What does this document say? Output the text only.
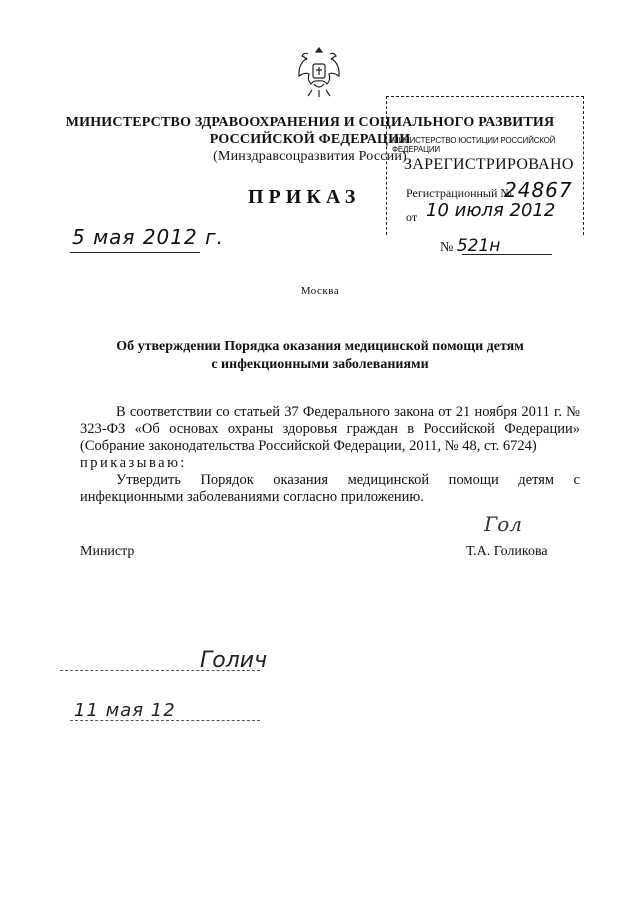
МИНИСТЕРСТВО ЗДРАВООХРАНЕНИЯ И СОЦИАЛЬНОГО РАЗВИТИЯ
РОССИЙСКОЙ ФЕДЕРАЦИИ
(Минздравсоцразвития России)
МИНИСТЕРСТВО ЮСТИЦИИ РОССИЙСКОЙ ФЕДЕРАЦИИ
ЗАРЕГИСТРИРОВАНО
Регистрационный №
24867
от 10 июля 2012
ПРИКАЗ
5 мая 2012 г.	№ 521н
Москва
Об утверждении Порядка оказания медицинской помощи детям
с инфекционными заболеваниями

В соответствии со статьей 37 Федерального закона от 21 ноября 2011 г. № 323-ФЗ «Об основах охраны здоровья граждан в Российской Федерации» (Собрание законодательства Российской Федерации, 2011, № 48, ст. 6724)

приказываю:

Утвердить Порядок оказания медицинской помощи детям с инфекционными заболеваниями согласно приложению.

Министр
Гол
Т.А. Голикова
Голич
11 мая 12
